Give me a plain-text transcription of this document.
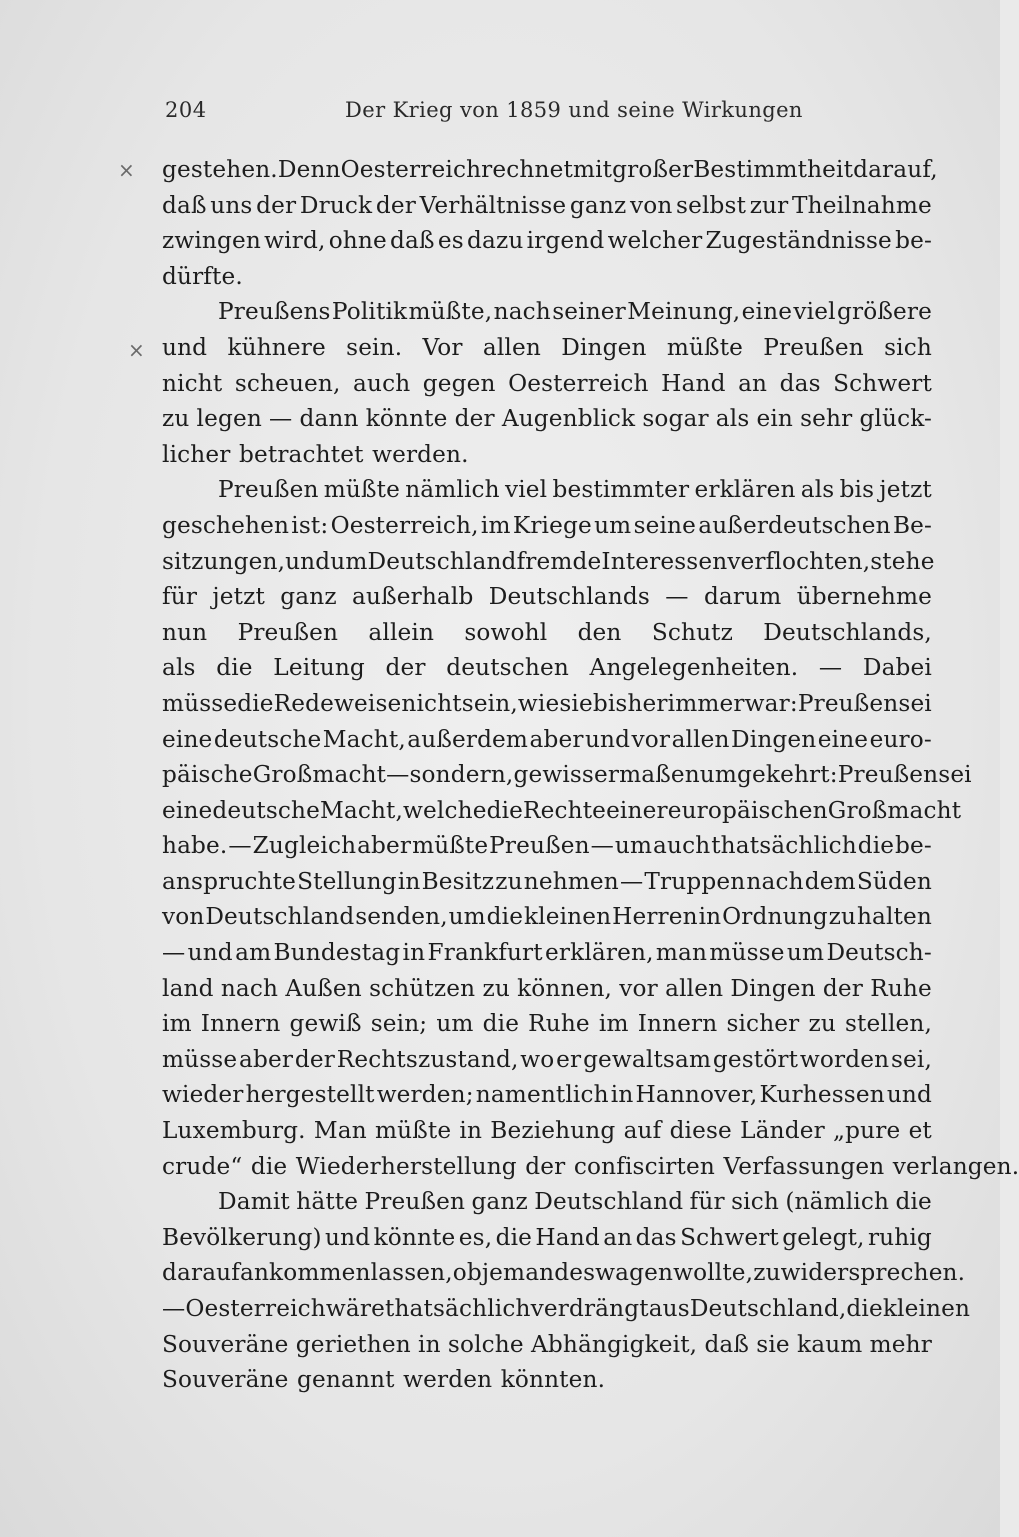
204	Der Krieg von 1859 und seine Wirkungen
×
×
gestehen. Denn Oesterreich rechnet mit großer Bestimmtheit darauf,
daß uns der Druck der Verhältnisse ganz von selbst zur Theilnahme
zwingen wird, ohne daß es dazu irgend welcher Zugeständnisse be-
dürfte.
Preußens Politik müßte, nach seiner Meinung, eine viel größere
und kühnere sein. Vor allen Dingen müßte Preußen sich
nicht scheuen, auch gegen Oesterreich Hand an das Schwert
zu legen — dann könnte der Augenblick sogar als ein sehr glück-
licher betrachtet werden.
Preußen müßte nämlich viel bestimmter erklären als bis jetzt
geschehen ist: Oesterreich, im Kriege um seine außerdeutschen Be-
sitzungen, und um Deutschland fremde Interessen verflochten, stehe
für jetzt ganz außerhalb Deutschlands — darum übernehme
nun Preußen allein sowohl den Schutz Deutschlands,
als die Leitung der deutschen Angelegenheiten. — Dabei
müsse die Redeweise nicht sein, wie sie bisher immer war: Preußen sei
eine deutsche Macht, außerdem aber und vor allen Dingen eine euro-
päische Großmacht — sondern, gewissermaßen umgekehrt: Preußen sei
eine deutsche Macht, welche die Rechte einer europäischen Großmacht
habe. — Zugleich aber müßte Preußen — um auch thatsächlich die be-
anspruchte Stellung in Besitz zu nehmen — Truppen nach dem Süden
von Deutschland senden, um die kleinen Herren in Ordnung zu halten
— und am Bundestag in Frankfurt erklären, man müsse um Deutsch-
land nach Außen schützen zu können, vor allen Dingen der Ruhe
im Innern gewiß sein; um die Ruhe im Innern sicher zu stellen,
müsse aber der Rechtszustand, wo er gewaltsam gestört worden sei,
wieder hergestellt werden; namentlich in Hannover, Kurhessen und
Luxemburg. Man müßte in Beziehung auf diese Länder „pure et
crude“ die Wiederherstellung der confiscirten Verfassungen verlangen.
Damit hätte Preußen ganz Deutschland für sich (nämlich die
Bevölkerung) und könnte es, die Hand an das Schwert gelegt, ruhig
darauf ankommen lassen, ob jemand es wagen wollte, zu widersprechen.
— Oesterreich wäre thatsächlich verdrängt aus Deutschland, die kleinen
Souveräne geriethen in solche Abhängigkeit, daß sie kaum mehr
Souveräne genannt werden könnten.
